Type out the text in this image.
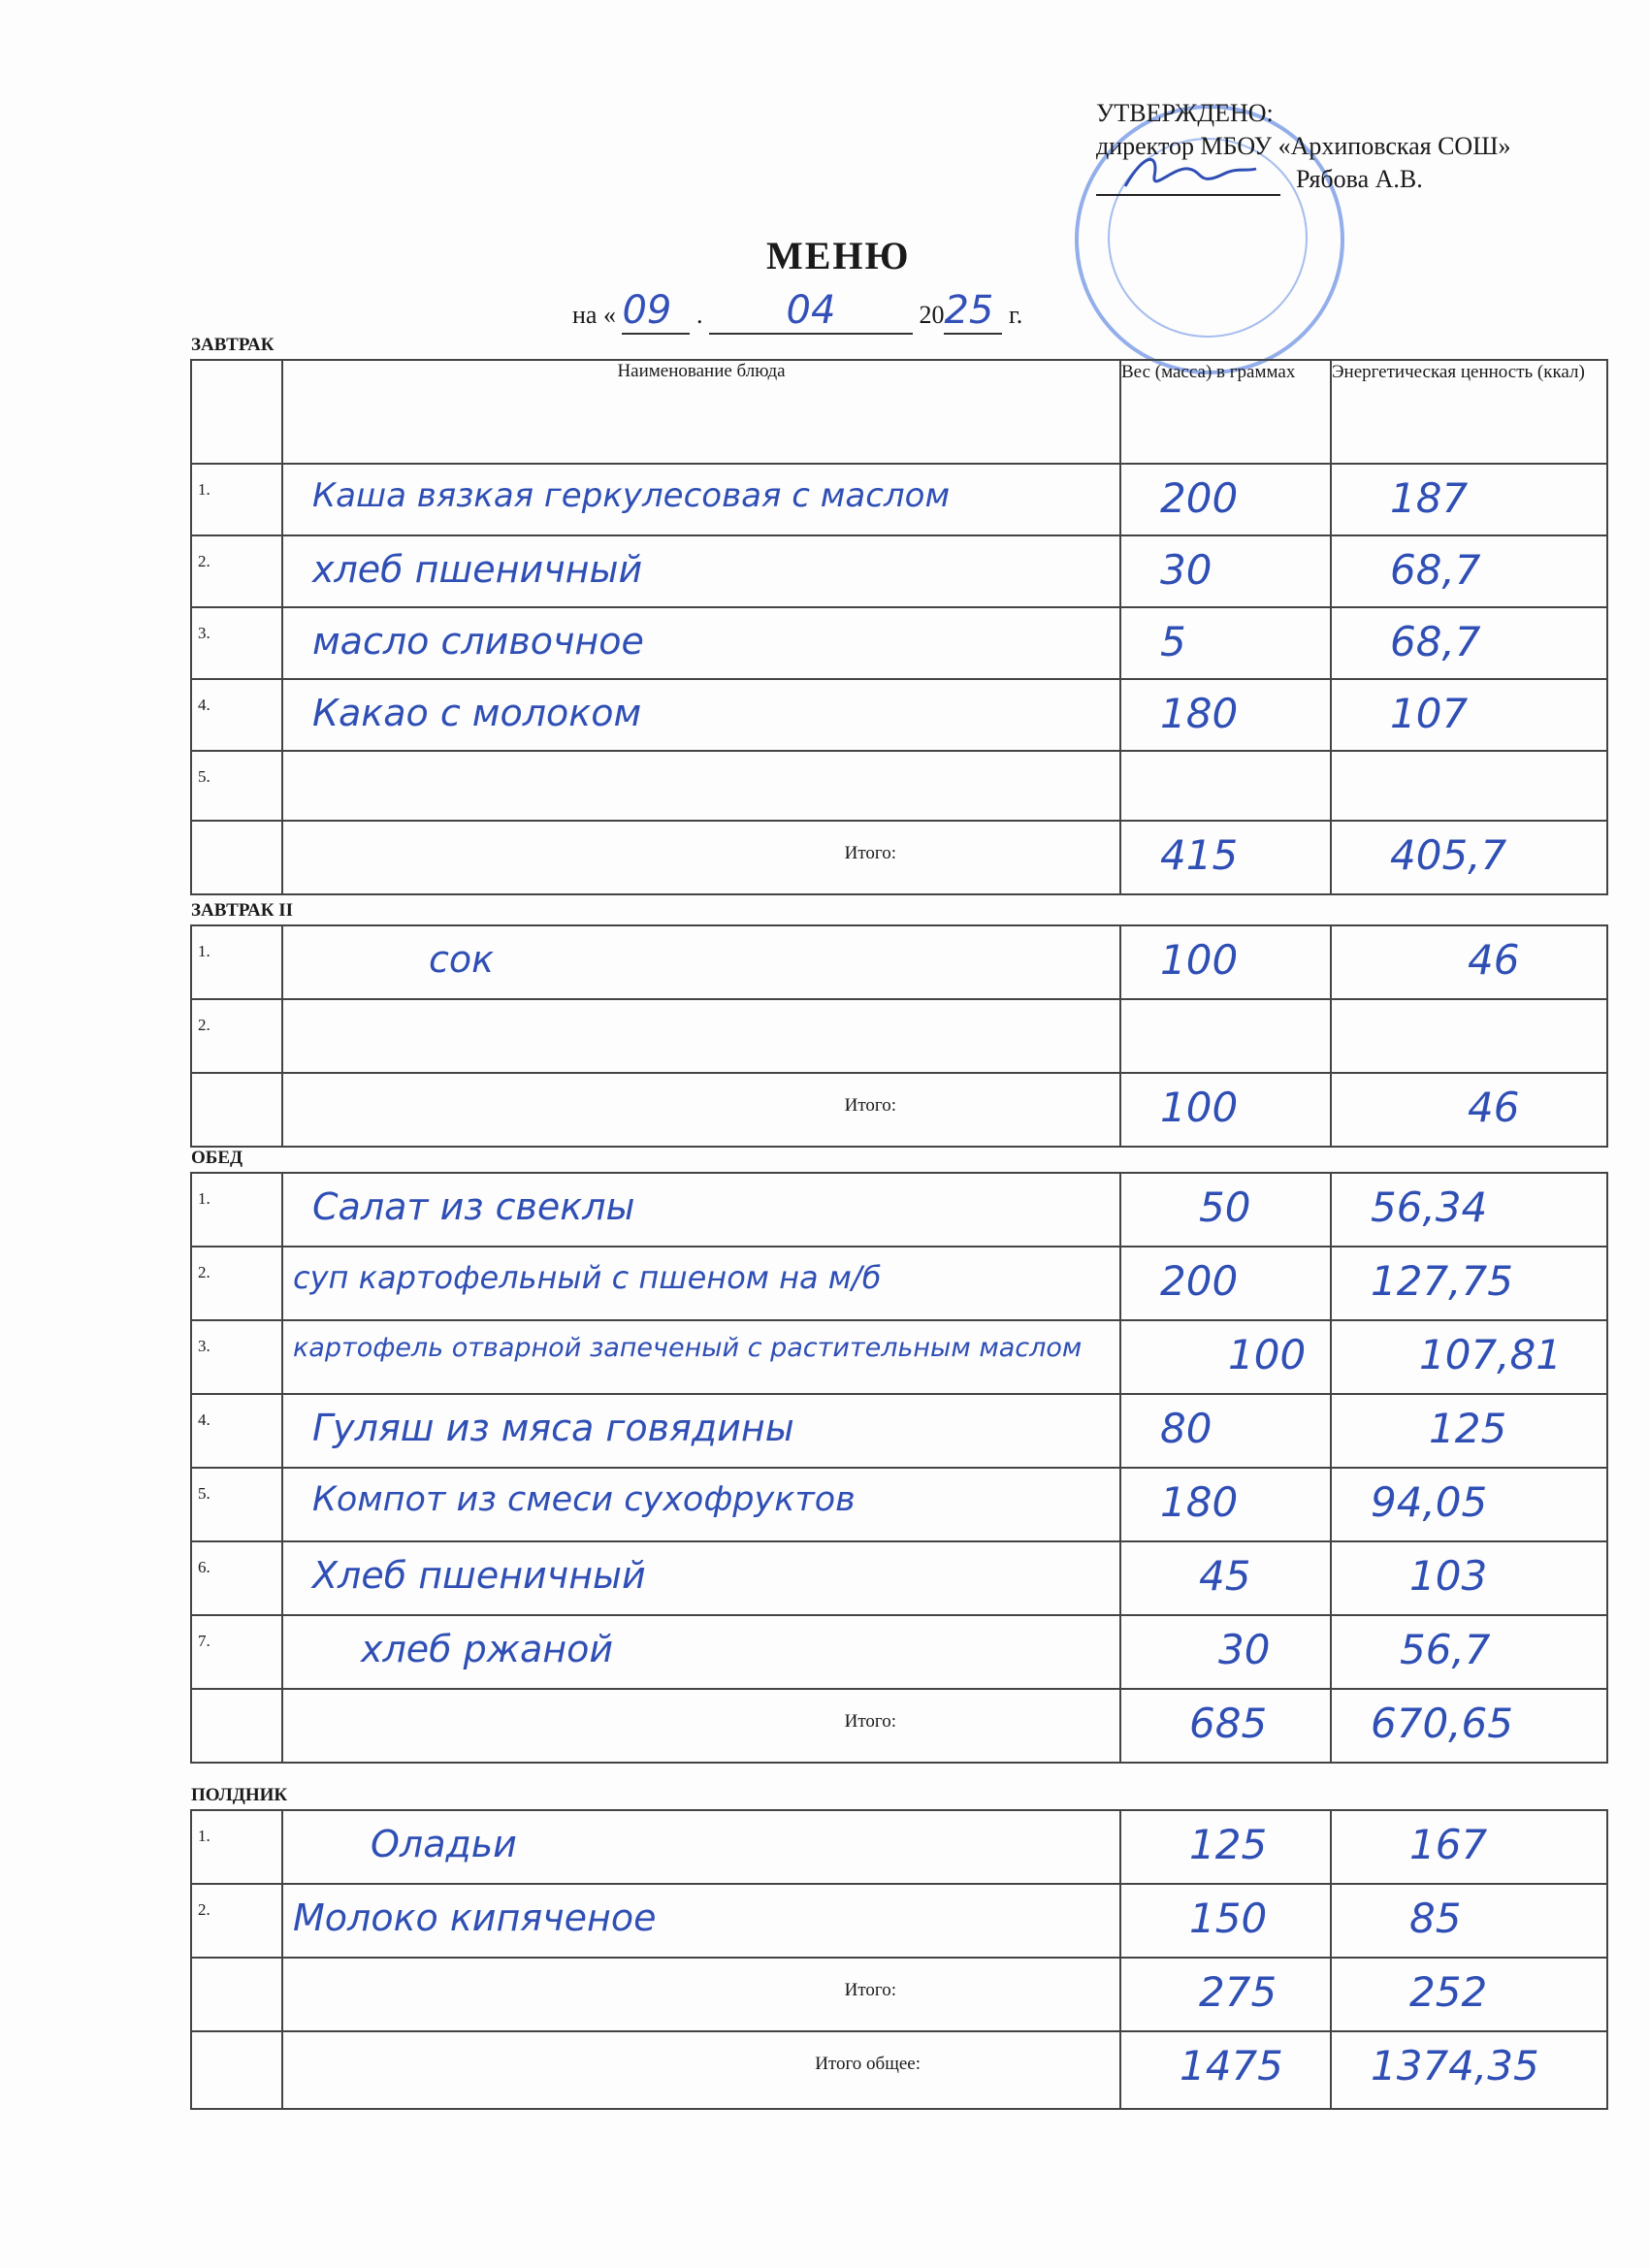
УТВЕРЖДЕНО:
директор МБОУ «Архиповская СОШ»
Рябова А.В.
МЕНЮ
на « 09 . 04	2025 г.
ЗАВТРАК
	Наименование блюда	Вес (масса) в граммах	Энергетическая ценность (ккал)
1.	Каша вязкая геркулесовая с маслом	200	187

2.	хлеб пшеничный	30	68,7

3.	масло сливочное	5	68,7

4.	Какао с молоком	180	107

5.			

	Итого:	415	405,7
ЗАВТРАК II
1.	сок	100	46

2.			

	Итого:	100	46
ОБЕД
1.	Салат из свеклы	50	56,34

2.	суп картофельный с пшеном на м/б	200	127,75

3.	картофель отварной запеченый с растительным маслом	100	107,81

4.	Гуляш из мяса говядины	80	125

5.	Компот из смеси сухофруктов	180	94,05

6.	Хлеб пшеничный	45	103

7.	хлеб ржаной	30	56,7

	Итого:	685	670,65
ПОЛДНИК
1.	Оладьи	125	167

2.	Молоко кипяченое	150	85

	Итого:	275	252

	Итого общее:	1475	1374,35
